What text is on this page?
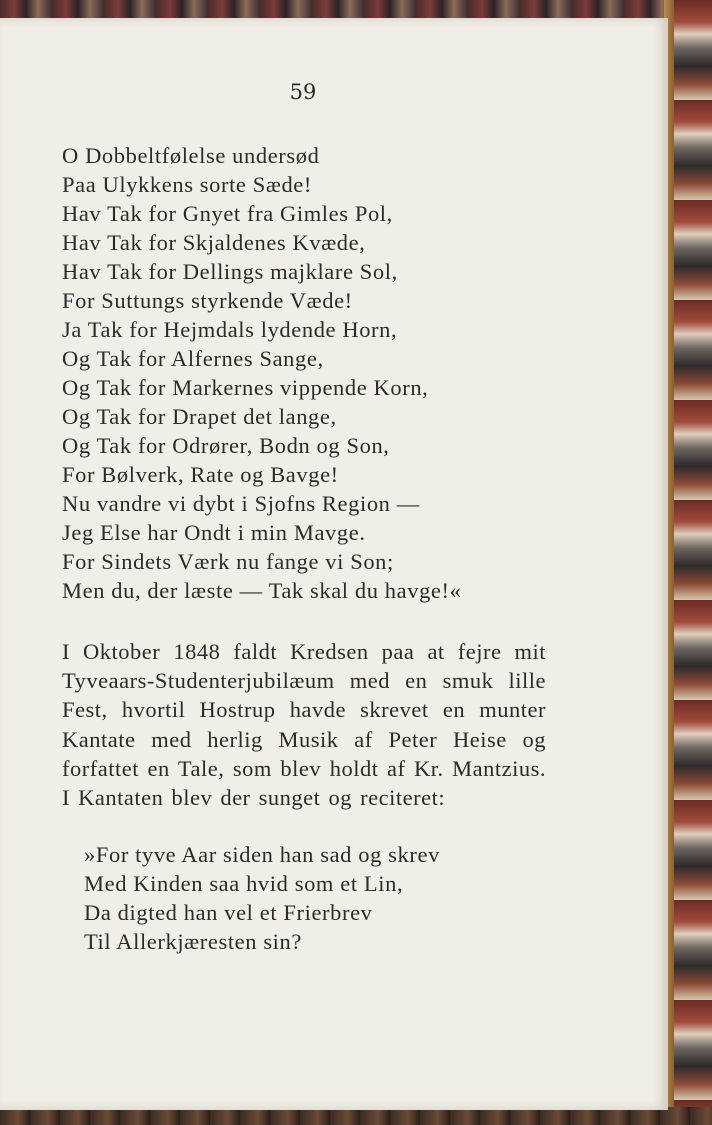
59
O Dobbeltfølelse undersød
Paa Ulykkens sorte Sæde!
Hav Tak for Gnyet fra Gimles Pol,
Hav Tak for Skjaldenes Kvæde,
Hav Tak for Dellings majklare Sol,
For Suttungs styrkende Væde!
Ja Tak for Hejmdals lydende Horn,
Og Tak for Alfernes Sange,
Og Tak for Markernes vippende Korn,
Og Tak for Drapet det lange,
Og Tak for Odrører, Bodn og Son,
For Bølverk, Rate og Bavge!
Nu vandre vi dybt i Sjofns Region —
Jeg Else har Ondt i min Mavge.
For Sindets Værk nu fange vi Son;
Men du, der læste — Tak skal du havge!«

I Oktober 1848 faldt Kredsen paa at fejre mit Tyveaars-Studenterjubilæum med en smuk lille Fest, hvortil Hostrup havde skrevet en munter Kantate med herlig Musik af Peter Heise og forfattet en Tale, som blev holdt af Kr. Mantzius. I Kantaten blev der sunget og reciteret:

»For tyve Aar siden han sad og skrev
Med Kinden saa hvid som et Lin,
Da digted han vel et Frierbrev
Til Allerkjæresten sin?
